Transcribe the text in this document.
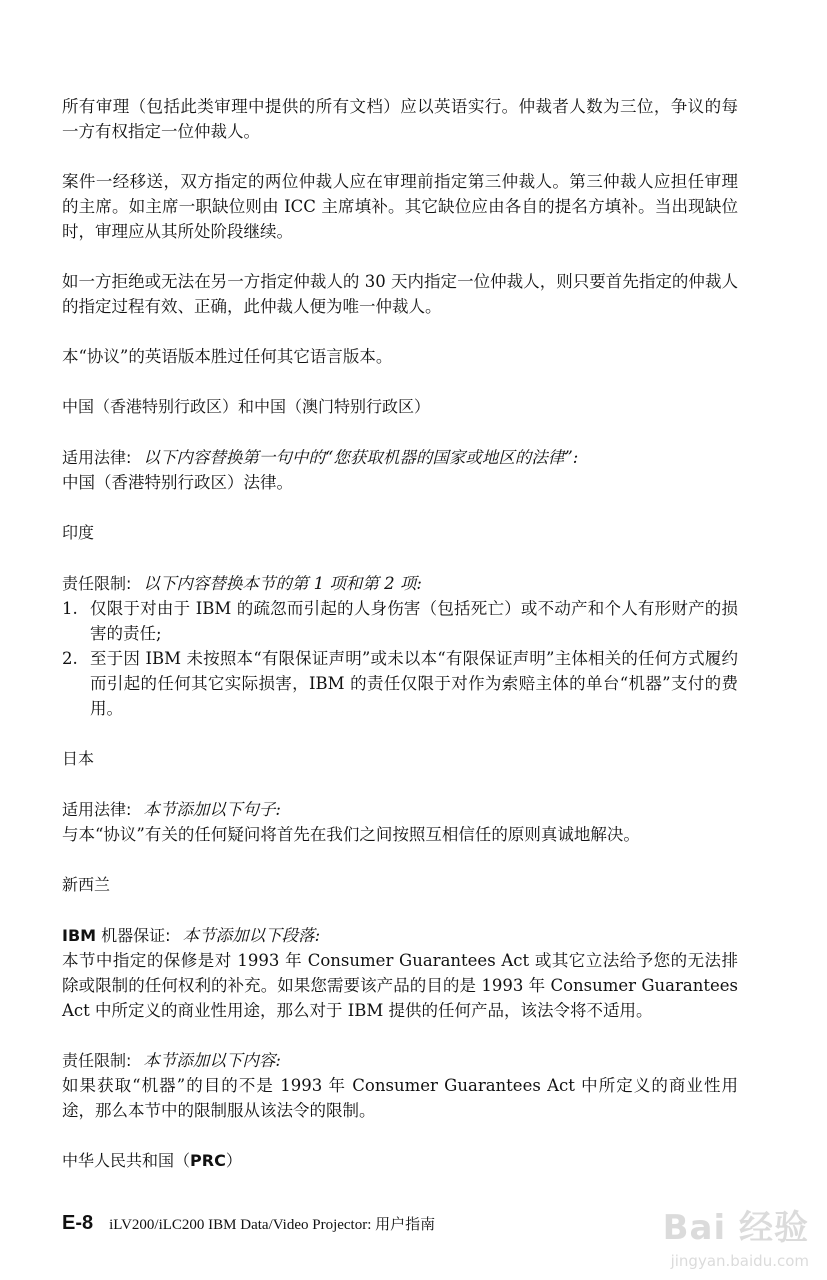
所有审理（包括此类审理中提供的所有文档）应以英语实行。仲裁者人数为三位，争议的每一方有权指定一位仲裁人。

案件一经移送，双方指定的两位仲裁人应在审理前指定第三仲裁人。第三仲裁人应担任审理的主席。如主席一职缺位则由 ICC 主席填补。其它缺位应由各自的提名方填补。当出现缺位时，审理应从其所处阶段继续。

如一方拒绝或无法在另一方指定仲裁人的 30 天内指定一位仲裁人，则只要首先指定的仲裁人的指定过程有效、正确，此仲裁人便为唯一仲裁人。

本“协议”的英语版本胜过任何其它语言版本。

中国（香港特别行政区）和中国（澳门特别行政区）

适用法律: 以下内容替换第一句中的“您获取机器的国家或地区的法律”:

中国（香港特别行政区）法律。

印度

责任限制: 以下内容替换本节的第 1 项和第 2 项:

1. 仅限于对由于 IBM 的疏忽而引起的人身伤害（包括死亡）或不动产和个人有形财产的损害的责任;
2. 至于因 IBM 未按照本“有限保证声明”或未以本“有限保证声明”主体相关的任何方式履约而引起的任何其它实际损害，IBM 的责任仅限于对作为索赔主体的单台“机器”支付的费用。
日本

适用法律: 本节添加以下句子:

与本“协议”有关的任何疑问将首先在我们之间按照互相信任的原则真诚地解决。

新西兰

IBM 机器保证: 本节添加以下段落:

本节中指定的保修是对 1993 年 Consumer Guarantees Act 或其它立法给予您的无法排除或限制的任何权利的补充。如果您需要该产品的目的是 1993 年 Consumer Guarantees Act 中所定义的商业性用途，那么对于 IBM 提供的任何产品，该法令将不适用。

责任限制: 本节添加以下内容:

如果获取“机器”的目的不是 1993 年 Consumer Guarantees Act 中所定义的商业性用途，那么本节中的限制服从该法令的限制。

中华人民共和国（PRC）
E-8 iLV200/iLC200 IBM Data/Video Projector: 用户指南	Bai 经验
jingyan.baidu.com
